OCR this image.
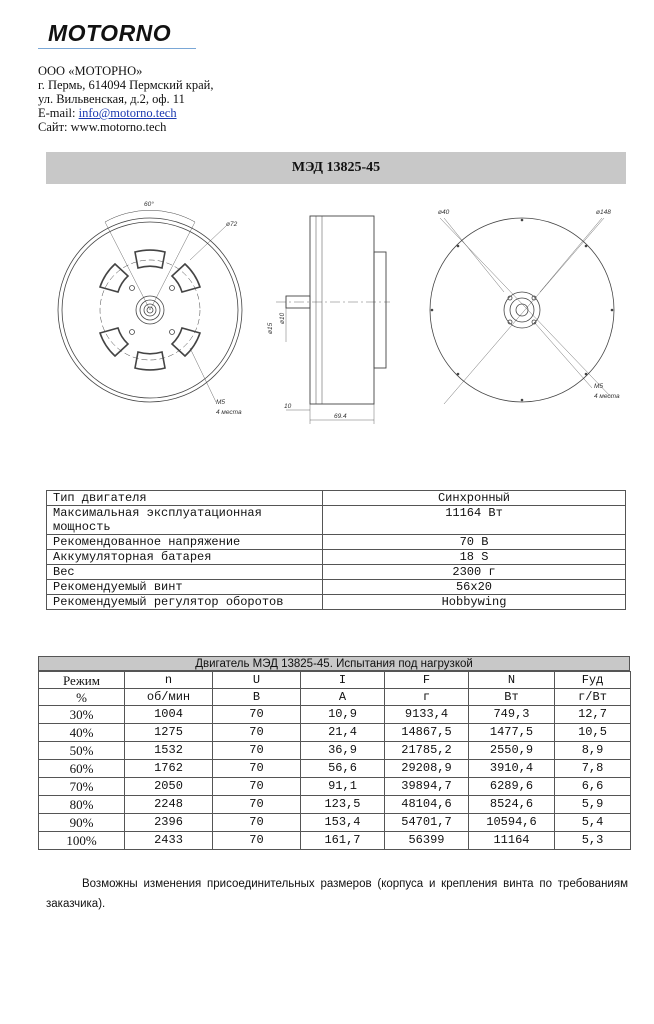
MOTORNO
ООО «МОТОРНО»
г. Пермь, 614094 Пермский край,
ул. Вильвенская, д.2, оф. 11
E-mail: info@motorno.tech
Сайт: www.motorno.tech
МЭД 13825-45
60°
ø72
M5
4 места
ø15
ø10
10
69.4
ø40	ø148
M5
4 места
Тип двигателя	Синхронный
Максимальная эксплуатационная мощность	11164 Вт
Рекомендованное напряжение	70 В
Аккумуляторная батарея	18 S
Вес	2300 г
Рекомендуемый винт	56x20
Рекомендуемый регулятор оборотов	Hobbywing
Двигатель МЭД 13825-45. Испытания под нагрузкой
Режим	n	U	I	F	N	Fуд
%	об/мин	В	А	г	Вт	г/Вт
30%	1004	70	10,9	9133,4	749,3	12,7
40%	1275	70	21,4	14867,5	1477,5	10,5
50%	1532	70	36,9	21785,2	2550,9	8,9
60%	1762	70	56,6	29208,9	3910,4	7,8
70%	2050	70	91,1	39894,7	6289,6	6,6
80%	2248	70	123,5	48104,6	8524,6	5,9
90%	2396	70	153,4	54701,7	10594,6	5,4
100%	2433	70	161,7	56399	11164	5,3
Возможны изменения присоединительных размеров (корпуса и крепления винта по требованиям заказчика).
